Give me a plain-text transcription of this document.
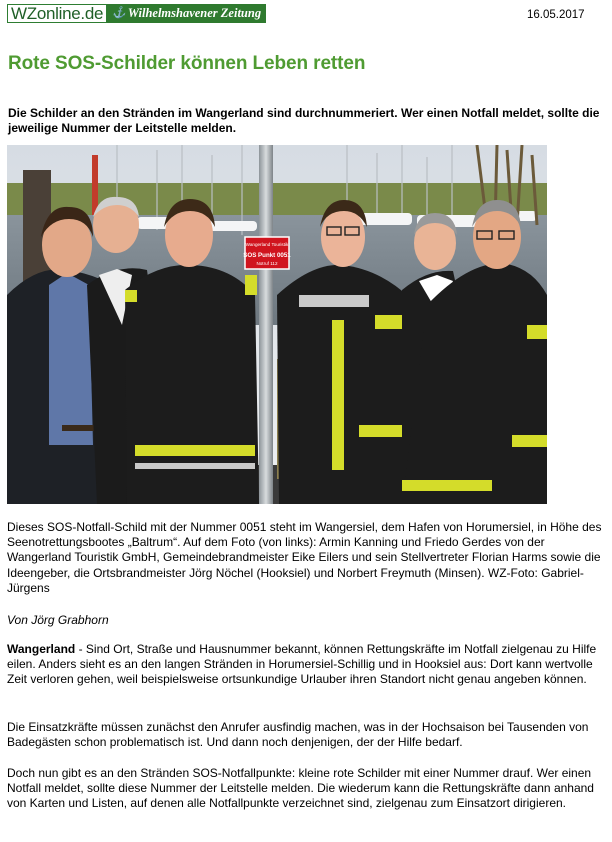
WZonline.de ⚓ Wilhelmshavener Zeitung	16.05.2017
Rote SOS-Schilder können Leben retten

Die Schilder an den Stränden im Wangerland sind durchnummeriert. Wer einen Notfall meldet, sollte die jeweilige Nummer der Leitstelle melden.

Wangerland Touristik
SOS Punkt 0051
Notruf 112

Dieses SOS-Notfall-Schild mit der Nummer 0051 steht im Wangersiel, dem Hafen von Horumersiel, in Höhe des Seenotrettungsbootes „Baltrum“. Auf dem Foto (von links): Armin Kanning und Friedo Gerdes von der Wangerland Touristik GmbH, Gemeindebrandmeister Eike Eilers und sein Stellvertreter Florian Harms sowie die Ideengeber, die Ortsbrandmeister Jörg Nöchel (Hooksiel) und Norbert Freymuth (Minsen). WZ-Foto: Gabriel-Jürgens

Von Jörg Grabhorn

Wangerland - Sind Ort, Straße und Hausnummer bekannt, können Rettungskräfte im Notfall zielgenau zu Hilfe eilen. Anders sieht es an den langen Stränden in Horumersiel-Schillig und in Hooksiel aus: Dort kann wertvolle Zeit verloren gehen, weil beispielsweise ortsunkundige Urlauber ihren Standort nicht genau angeben können.

Die Einsatzkräfte müssen zunächst den Anrufer ausfindig machen, was in der Hochsaison bei Tausenden von Badegästen schon problematisch ist. Und dann noch denjenigen, der der Hilfe bedarf.

Doch nun gibt es an den Stränden SOS-Notfallpunkte: kleine rote Schilder mit einer Nummer drauf. Wer einen Notfall meldet, sollte diese Nummer der Leitstelle melden. Die wiederum kann die Rettungskräfte dann anhand von Karten und Listen, auf denen alle Notfallpunkte verzeichnet sind, zielgenau zum Einsatzort dirigieren.
